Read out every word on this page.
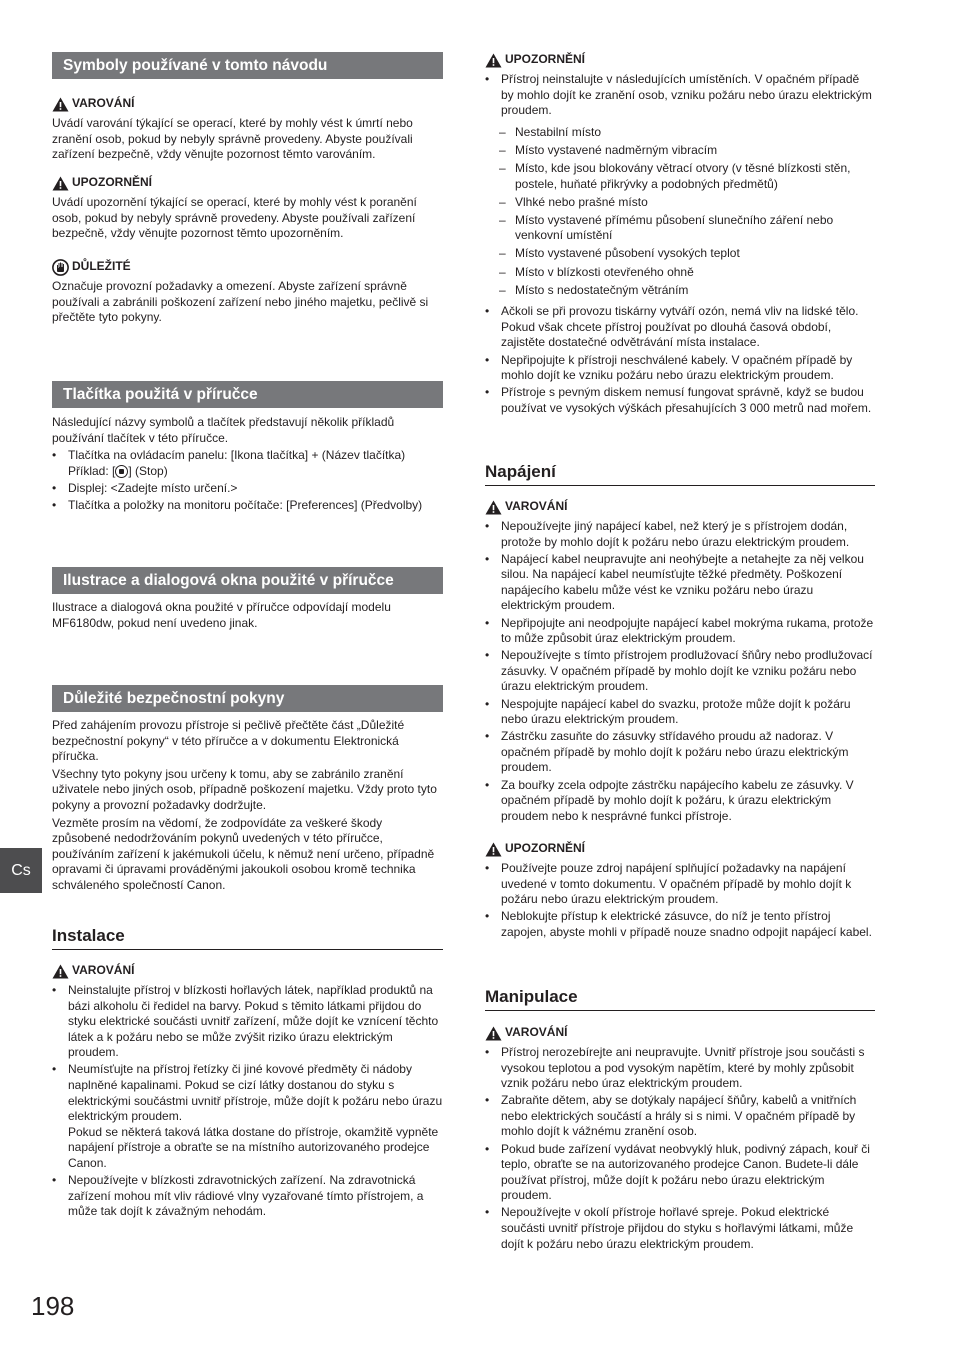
Symboly používané v tomto návodu
VAROVÁNÍ

Uvádí varování týkající se operací, které by mohly vést k úmrtí nebo zranění osob, pokud by nebyly správně provedeny. Abyste používali zařízení bezpečně, vždy věnujte pozornost těmto varováním.

UPOZORNĚNÍ

Uvádí upozornění týkající se operací, které by mohly vést k poranění osob, pokud by nebyly správně provedeny. Abyste používali zařízení bezpečně, vždy věnujte pozornost těmto upozorněním.

DŮLEŽITÉ

Označuje provozní požadavky a omezení. Abyste zařízení správně používali a zabránili poškození zařízení nebo jiného majetku, pečlivě si přečtěte tyto pokyny.

Tlačítka použitá v příručce

Následující názvy symbolů a tlačítek představují několik příkladů používání tlačítek v této příručce.

• Tlačítka na ovládacím panelu: [Ikona tlačítka] + (Název tlačítka)
Příklad: [ ] (Stop)
• Displej: <Zadejte místo určení.>
• Tlačítka a položky na monitoru počítače: [Preferences] (Předvolby)
Ilustrace a dialogová okna použité v příručce

Ilustrace a dialogová okna použité v příručce odpovídají modelu MF6180dw, pokud není uvedeno jinak.

Důležité bezpečnostní pokyny

Před zahájením provozu přístroje si pečlivě přečtěte část „Důležité bezpečnostní pokyny“ v této příručce a v dokumentu Elektronická příručka.

Všechny tyto pokyny jsou určeny k tomu, aby se zabránilo zranění uživatele nebo jiných osob, případně poškození majetku. Vždy proto tyto pokyny a provozní požadavky dodržujte.

Vezměte prosím na vědomí, že zodpovídáte za veškeré škody způsobené nedodržováním pokynů uvedených v této příručce, používáním zařízení k jakémukoli účelu, k němuž není určeno, případně opravami či úpravami prováděnými jakoukoli osobou kromě technika schváleného společností Canon.

Instalace
VAROVÁNÍ
• Neinstalujte přístroj v blízkosti hořlavých látek, například produktů na bázi alkoholu či ředidel na barvy. Pokud s těmito látkami přijdou do styku elektrické součásti uvnitř zařízení, může dojít ke vznícení těchto látek a k požáru nebo se může zvýšit riziko úrazu elektrickým proudem.
• Neumísťujte na přístroj řetízky či jiné kovové předměty či nádoby naplněné kapalinami. Pokud se cizí látky dostanou do styku s elektrickými součástmi uvnitř přístroje, může dojít k požáru nebo úrazu elektrickým proudem.
Pokud se některá taková látka dostane do přístroje, okamžitě vypněte napájení přístroje a obraťte se na místního autorizovaného prodejce Canon.
• Nepoužívejte v blízkosti zdravotnických zařízení. Na zdravotnická zařízení mohou mít vliv rádiové vlny vyzařované tímto přístrojem, a může tak dojít k závažným nehodám.
UPOZORNĚNÍ
• Přístroj neinstalujte v následujících umístěních. V opačném případě by mohlo dojít ke zranění osob, vzniku požáru nebo úrazu elektrickým proudem.
– Nestabilní místo
– Místo vystavené nadměrným vibracím
– Místo, kde jsou blokovány větrací otvory (v těsné blízkosti stěn, postele, huňaté přikrývky a podobných předmětů)
– Vlhké nebo prašné místo
– Místo vystavené přímému působení slunečního záření nebo venkovní umístění
– Místo vystavené působení vysokých teplot
– Místo v blízkosti otevřeného ohně
– Místo s nedostatečným větráním
• Ačkoli se při provozu tiskárny vytváří ozón, nemá vliv na lidské tělo. Pokud však chcete přístroj používat po dlouhá časová období, zajistěte dostatečné odvětrávání místa instalace.
• Nepřipojujte k přístroji neschválené kabely. V opačném případě by mohlo dojít ke vzniku požáru nebo úrazu elektrickým proudem.
• Přístroje s pevným diskem nemusí fungovat správně, když se budou používat ve vysokých výškách přesahujících 3 000 metrů nad mořem.
Napájení
VAROVÁNÍ
• Nepoužívejte jiný napájecí kabel, než který je s přístrojem dodán, protože by mohlo dojít k požáru nebo úrazu elektrickým proudem.
• Napájecí kabel neupravujte ani neohýbejte a netahejte za něj velkou silou. Na napájecí kabel neumísťujte těžké předměty. Poškození napájecího kabelu může vést ke vzniku požáru nebo úrazu elektrickým proudem.
• Nepřipojujte ani neodpojujte napájecí kabel mokrýma rukama, protože to může způsobit úraz elektrickým proudem.
• Nepoužívejte s tímto přístrojem prodlužovací šňůry nebo prodlužovací zásuvky. V opačném případě by mohlo dojít ke vzniku požáru nebo úrazu elektrickým proudem.
• Nespojujte napájecí kabel do svazku, protože může dojít k požáru nebo úrazu elektrickým proudem.
• Zástrčku zasuňte do zásuvky střídavého proudu až nadoraz. V opačném případě by mohlo dojít k požáru nebo úrazu elektrickým proudem.
• Za bouřky zcela odpojte zástrčku napájecího kabelu ze zásuvky. V opačném případě by mohlo dojít k požáru, k úrazu elektrickým proudem nebo k nesprávné funkci přístroje.
UPOZORNĚNÍ
• Používejte pouze zdroj napájení splňující požadavky na napájení uvedené v tomto dokumentu. V opačném případě by mohlo dojít k požáru nebo úrazu elektrickým proudem.
• Neblokujte přístup k elektrické zásuvce, do níž je tento přístroj zapojen, abyste mohli v případě nouze snadno odpojit napájecí kabel.
Manipulace
VAROVÁNÍ
• Přístroj nerozebírejte ani neupravujte. Uvnitř přístroje jsou součásti s vysokou teplotou a pod vysokým napětím, které by mohly způsobit vznik požáru nebo úraz elektrickým proudem.
• Zabraňte dětem, aby se dotýkaly napájecí šňůry, kabelů a vnitřních nebo elektrických součástí a hrály si s nimi. V opačném případě by mohlo dojít k vážnému zranění osob.
• Pokud bude zařízení vydávat neobvyklý hluk, podivný zápach, kouř či teplo, obraťte se na autorizovaného prodejce Canon. Budete-li dále používat přístroj, může dojít k požáru nebo úrazu elektrickým proudem.
• Nepoužívejte v okolí přístroje hořlavé spreje. Pokud elektrické součásti uvnitř přístroje přijdou do styku s hořlavými látkami, může dojít k požáru nebo úrazu elektrickým proudem.
Cs
198
